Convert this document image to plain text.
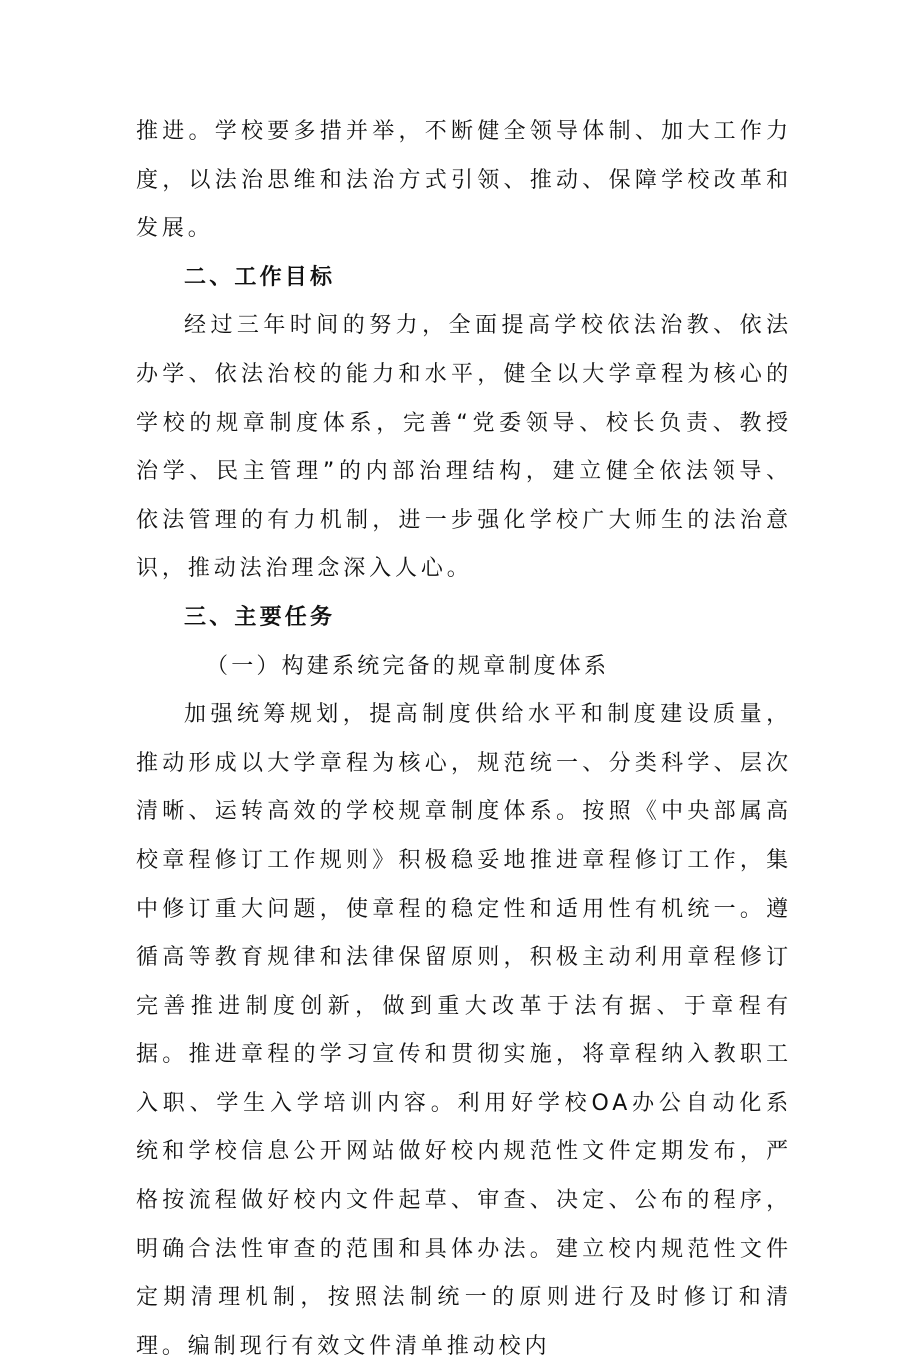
推进。学校要多措并举，不断健全领导体制、加大工作力度，以法治思维和法治方式引领、推动、保障学校改革和发展。

二、工作目标

经过三年时间的努力，全面提高学校依法治教、依法办学、依法治校的能力和水平，健全以大学章程为核心的学校的规章制度体系，完善“党委领导、校长负责、教授治学、民主管理”的内部治理结构，建立健全依法领导、依法管理的有力机制，进一步强化学校广大师生的法治意识，推动法治理念深入人心。

三、主要任务

（一）构建系统完备的规章制度体系

加强统筹规划，提高制度供给水平和制度建设质量，推动形成以大学章程为核心，规范统一、分类科学、层次清晰、运转高效的学校规章制度体系。按照《中央部属高校章程修订工作规则》积极稳妥地推进章程修订工作，集中修订重大问题，使章程的稳定性和适用性有机统一。遵循高等教育规律和法律保留原则，积极主动利用章程修订完善推进制度创新，做到重大改革于法有据、于章程有据。推进章程的学习宣传和贯彻实施，将章程纳入教职工入职、学生入学培训内容。利用好学校OA办公自动化系统和学校信息公开网站做好校内规范性文件定期发布，严格按流程做好校内文件起草、审查、决定、公布的程序，明确合法性审查的范围和具体办法。建立校内规范性文件定期清理机制，按照法制统一的原则进行及时修订和清理。编制现行有效文件清单推动校内
